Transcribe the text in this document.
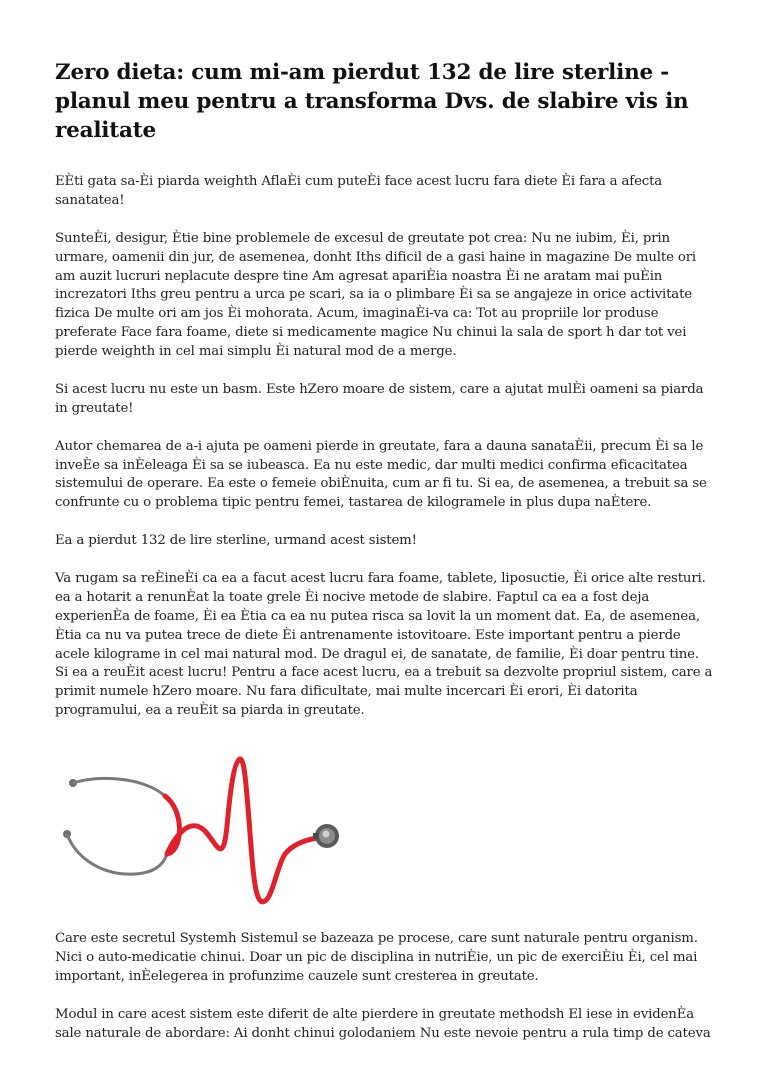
Zero dieta: cum mi-am pierdut 132 de lire sterline - planul meu pentru a transforma Dvs. de slabire vis in realitate

EÈti gata sa-Èi piarda weighth AflaÈi cum puteÈi face acest lucru fara diete Èi fara a afecta sanatatea!

SunteÈi, desigur, Ètie bine problemele de excesul de greutate pot crea: Nu ne iubim, Èi, prin urmare, oamenii din jur, de asemenea, donht Iths dificil de a gasi haine in magazine De multe ori am auzit lucruri neplacute despre tine Am agresat apariÈia noastra Èi ne aratam mai puÈin increzatori Iths greu pentru a urca pe scari, sa ia o plimbare Èi sa se angajeze in orice activitate fizica De multe ori am jos Èi mohorata. Acum, imaginaÈi-va ca: Tot au propriile lor produse preferate Face fara foame, diete si medicamente magice Nu chinui la sala de sport h dar tot vei pierde weighth in cel mai simplu Èi natural mod de a merge.

Si acest lucru nu este un basm. Este hZero moare de sistem, care a ajutat mulÈi oameni sa piarda in greutate!

Autor chemarea de a-i ajuta pe oameni pierde in greutate, fara a dauna sanataÈii, precum Èi sa le inveÈe sa inÈeleaga Èi sa se iubeasca. Ea nu este medic, dar multi medici confirma eficacitatea sistemului de operare. Ea este o femeie obiÈnuita, cum ar fi tu. Si ea, de asemenea, a trebuit sa se confrunte cu o problema tipic pentru femei, tastarea de kilogramele in plus dupa naÈtere.

Ea a pierdut 132 de lire sterline, urmand acest sistem!

Va rugam sa reÈineÈi ca ea a facut acest lucru fara foame, tablete, liposuctie, Èi orice alte resturi. ea a hotarit a renunÈat la toate grele Èi nocive metode de slabire. Faptul ca ea a fost deja experienÈa de foame, Èi ea Ètia ca ea nu putea risca sa lovit la un moment dat. Ea, de asemenea, Ètia ca nu va putea trece de diete Èi antrenamente istovitoare. Este important pentru a pierde acele kilograme in cel mai natural mod. De dragul ei, de sanatate, de familie, Èi doar pentru tine. Si ea a reuÈit acest lucru! Pentru a face acest lucru, ea a trebuit sa dezvolte propriul sistem, care a primit numele hZero moare. Nu fara dificultate, mai multe incercari Èi erori, Èi datorita programului, ea a reuÈit sa piarda in greutate.

Care este secretul Systemh Sistemul se bazeaza pe procese, care sunt naturale pentru organism. Nici o auto-medicatie chinui. Doar un pic de disciplina in nutriÈie, un pic de exerciÈiu Èi, cel mai important, inÈelegerea in profunzime cauzele sunt cresterea in greutate.

Modul in care acest sistem este diferit de alte pierdere in greutate methodsh El iese in evidenÈa sale naturale de abordare: Ai donht chinui golodaniem Nu este nevoie pentru a rula timp de cateva
